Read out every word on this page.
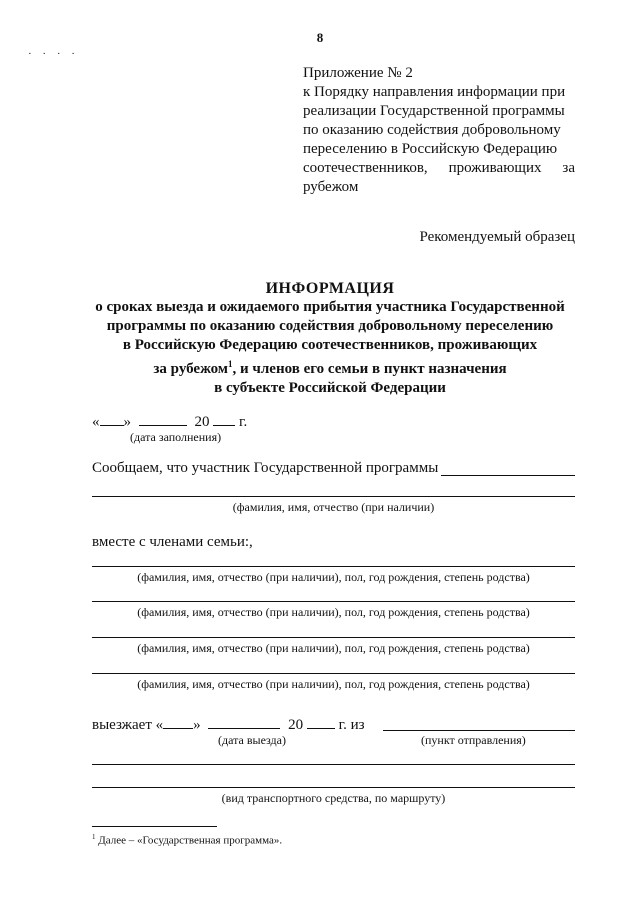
8
· · · ·
Приложение № 2
к Порядку направления информации при
реализации Государственной программы
по оказанию содействия добровольному
переселению в Российскую Федерацию
соотечественников, проживающих за
рубежом
Рекомендуемый образец
ИНФОРМАЦИЯ
о сроках выезда и ожидаемого прибытия участника Государственной
программы по оказанию содействия добровольному переселению
в Российскую Федерацию соотечественников, проживающих
за рубежом$^1$, и членов его семьи в пункт назначения
в субъекте Российской Федерации
« »	20 г.
(дата заполнения)
Сообщаем, что участник Государственной программы
(фамилия, имя, отчество (при наличии)
вместе с членами семьи:,
(фамилия, имя, отчество (при наличии), пол, год рождения, степень родства)
(фамилия, имя, отчество (при наличии), пол, год рождения, степень родства)
(фамилия, имя, отчество (при наличии), пол, год рождения, степень родства)
(фамилия, имя, отчество (при наличии), пол, год рождения, степень родства)
выезжает « »	20 г. из
(дата выезда)	(пункт отправления)
(вид транспортного средства, по маршруту)
$^1$ Далее – «Государственная программа».
